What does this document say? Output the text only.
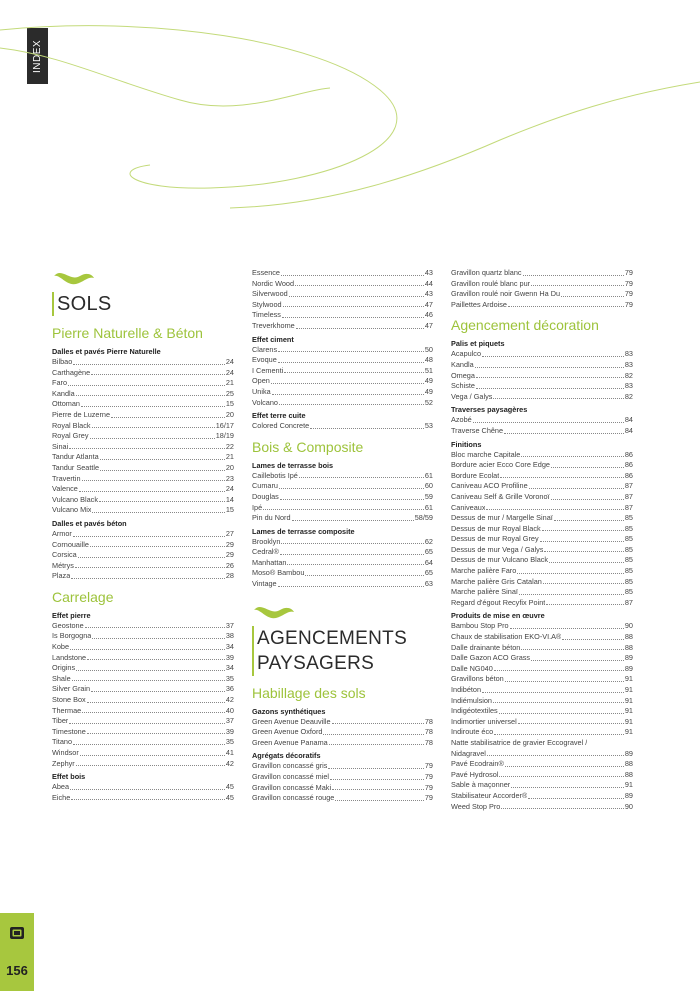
INDEX
SOLS
Pierre Naturelle & Béton
Dalles et pavés Pierre Naturelle
Bilbao	24
Carthagène	24
Faro	21
Kandla	25
Ottoman	15
Pierre de Luzerne	20
Royal Black	16/17
Royal Grey	18/19
Sinai	22
Tandur Atlanta	21
Tandur Seattle	20
Travertin	23
Valence	24
Vulcano Black	14
Vulcano Mix	15
Dalles et pavés béton
Armor	27
Cornouaille	29
Corsica	29
Métrys	26
Plaza	28
Carrelage
Effet pierre
Geostone	37
Is Borgogna	38
Kobe	34
Landstone	39
Origins	34
Shale	35
Silver Grain	36
Stone Box	42
Thermae	40
Tiber	37
Timestone	39
Titano	35
Windsor	41
Zephyr	42
Effet bois
Abea	45
Eiche	45
Essence	43
Nordic Wood	44
Silverwood	43
Stylwood	47
Timeless	46
Treverkhome	47
Effet ciment
Clarens	50
Evoque	48
I Cementi	51
Open	49
Unika	49
Volcano	52
Effet terre cuite
Colored Concrete	53
Bois & Composite
Lames de terrasse bois
Caillebotis Ipé	61
Cumaru	60
Douglas	59
Ipé	61
Pin du Nord	58/59
Lames de terrasse composite
Brooklyn	62
Cedral®	65
Manhattan	64
Moso® Bambou	65
Vintage	63
AGENCEMENTS PAYSAGERS
Habillage des sols
Gazons synthétiques
Green Avenue Deauville	78
Green Avenue Oxford	78
Green Avenue Panama	78
Agrégats décoratifs
Gravillon concassé gris	79
Gravillon concassé miel	79
Gravillon concassé Maki	79
Gravillon concassé rouge	79
Gravillon quartz blanc	79
Gravillon roulé blanc pur	79
Gravillon roulé noir Gwenn Ha Du	79
Paillettes Ardoise	79
Agencement décoration
Palis et piquets
Acapulco	83
Kandla	83
Omega	82
Schiste	83
Vega / Galys	82
Traverses paysagères
Azobé	84
Traverse Chêne	84
Finitions
Bloc marche Capitale	86
Bordure acier Ecco Core Edge	86
Bordure Ecolat	86
Caniveau ACO Profiline	87
Caniveau Self & Grille Voronoï	87
Caniveaux	87
Dessus de mur / Margelle Sinaï	85
Dessus de mur Royal Black	85
Dessus de mur Royal Grey	85
Dessus de mur Vega / Galys	85
Dessus de mur Vulcano Black	85
Marche palière Faro	85
Marche palière Gris Catalan	85
Marche palière Sinaï	85
Regard d'égout Recyfix Point	87
Produits de mise en œuvre
Bambou Stop Pro	90
Chaux de stabilisation EKO-VI.A®	88
Dalle drainante béton	88
Dalle Gazon ACO Grass	89
Dalle NG040	89
Gravillons béton	91
Indibéton	91
Indiémulsion	91
Indigéotextiles	91
Indimortier universel	91
Indiroute éco	91
Natte stabilisatrice de gravier Eccogravel /
Nidagravel	89
Pavé Ecodrain®	88
Pavé Hydrosol	88
Sable à maçonner	91
Stabilisateur Accorder®	89
Weed Stop Pro	90
156
